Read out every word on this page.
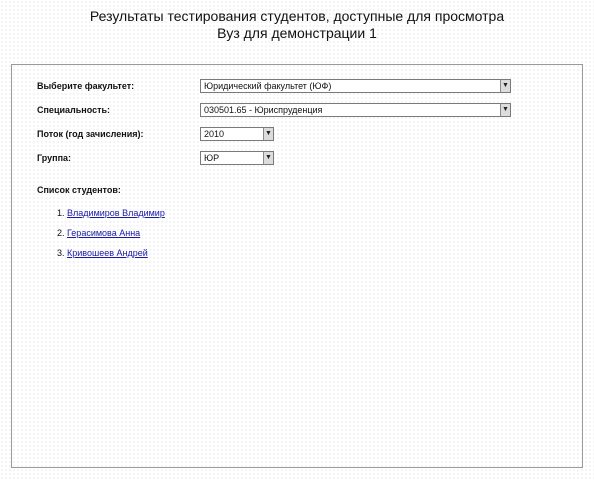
Результаты тестирования студентов, доступные для просмотра
Вуз для демонстрации 1
Выберите факультет:	Юридический факультет (ЮФ)	▼
Специальность:	030501.65 - Юриспруденция	▼
Поток (год зачисления):	2010	▼
Группа:	ЮР	▼
Список студентов:
1. Владимиров Владимир
2. Герасимова Анна
3. Кривошеев Андрей
